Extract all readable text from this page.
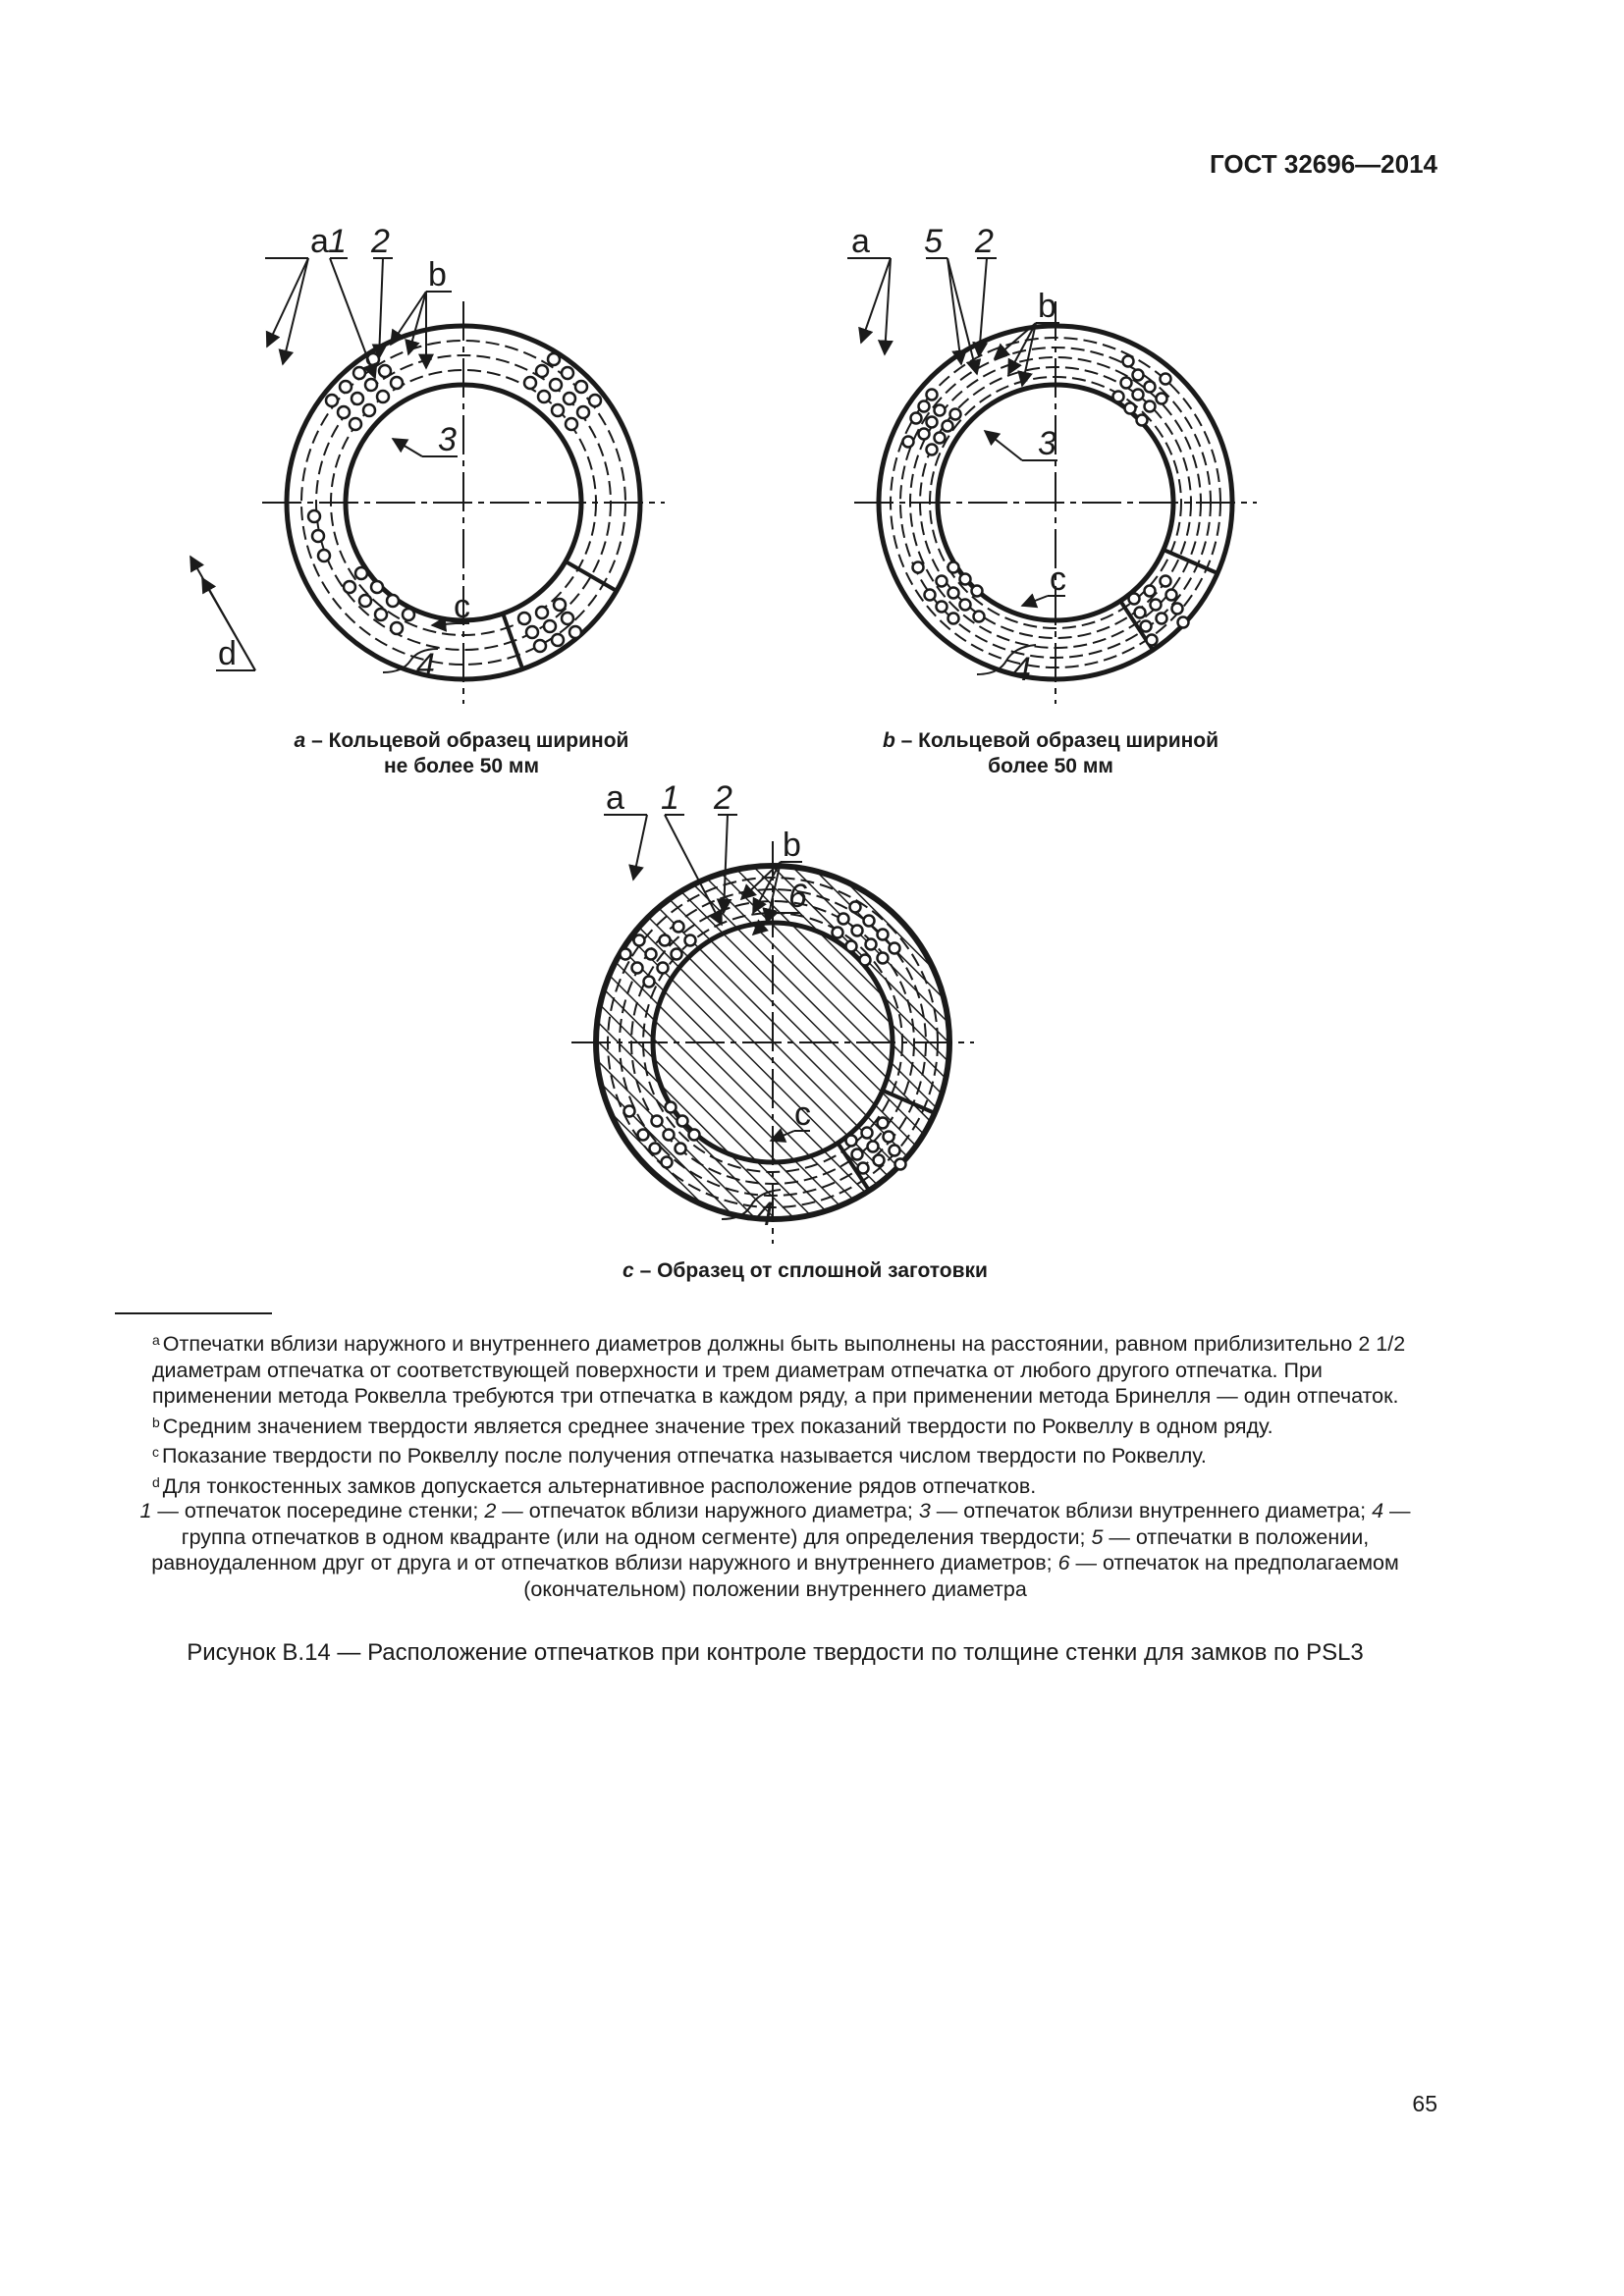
ГОСТ 32696—2014
a 1 2
b
3
c
d	4
a – Кольцевой образец шириной
не более 50 мм
a 5 2
b
3
c
4
b – Кольцевой образец шириной
более 50 мм
a 1 2
b
6
c
4
c – Образец от сплошной заготовки

$^a$ Отпечатки вблизи наружного и внутреннего диаметров должны быть выполнены на расстоянии, равном приблизительно 2 1/2 диаметрам отпечатка от соответствующей поверхности и трем диаметрам отпечатка от любого другого отпечатка. При применении метода Роквелла требуются три отпечатка в каждом ряду, а при применении метода Бринелля — один отпечаток.

$^b$ Средним значением твердости является среднее значение трех показаний твердости по Роквеллу в одном ряду.

$^c$ Показание твердости по Роквеллу после получения отпечатка называется числом твердости по Роквеллу.

$^d$ Для тонкостенных замков допускается альтернативное расположение рядов отпечатков.

1 — отпечаток посередине стенки; 2 — отпечаток вблизи наружного диаметра; 3 — отпечаток вблизи внутреннего диаметра; 4 — группа отпечатков в одном квадранте (или на одном сегменте) для определения твердости; 5 — отпечатки в положении, равноудаленном друг от друга и от отпечатков вблизи наружного и внутреннего диаметров; 6 — отпечаток на предполагаемом (окончательном) положении внутреннего диаметра
Рисунок В.14 — Расположение отпечатков при контроле твердости по толщине стенки для замков по PSL3
65
